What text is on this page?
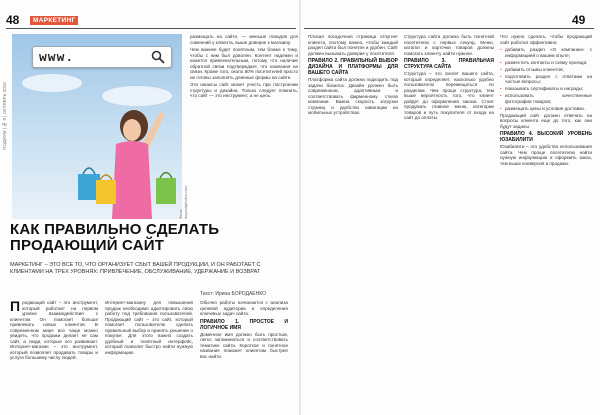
48	МАРКЕТИНГ	49
ПОДИУМ | № 9 | ОКТЯБРЬ 2016
www.
Фото: depositphotos.com

размещать на сайте, — меньше поводов для сомнений у клиента, выше доверие к магазину.

Чем важнее будет понятным, тем ближе к тому, чтобы с ним был доволен. Контент надежен и кажется привлекательным, потому что наличие обратной связи подтверждает, что компания на связи. Кроме того, около 80% посетителей просто не готовы заполнять длинные формы на сайте.

Эти нюансы сайт может учесть при построении структуры и дизайна. Только следует помнить, что сайт — это инструмент, а не цель.

КАК ПРАВИЛЬНО СДЕЛАТЬ ПРОДАЮЩИЙ САЙТ
МАРКЕТИНГ – ЭТО ВСЕ ТО, ЧТО ОРГАНИЗУЕТ СБЫТ ВАШЕЙ ПРОДУКЦИИ, И ОН РАБОТАЕТ С КЛИЕНТАМИ НА ТРЕХ УРОВНЯХ: ПРИВЛЕЧЕНИЕ, ОБСЛУЖИВАНИЕ, УДЕРЖАНИЕ И ВОЗВРАТ
Текст: Ирина БОРОДАЕНКО

П родающий сайт – это инструмент, который работает на первом уровне взаимодействия с клиентом. Он помогает больше привлекать новых клиентов. В современном мире все чаще можно увидеть, что продажи делает не сам сайт, а люди, которые его развивают. Интернет-магазин – это инструмент, который позволяет продавать товары и услуги большему числу людей.

Интернет-магазину для повышения продаж необходимо адаптировать свою работу под требования пользователей. Продающий сайт – это сайт, который помогает пользователю сделать правильный выбор и принять решение о покупке. Для этого важно создать удобный и понятный интерфейс, который позволит быстро найти нужную информацию.

Обычно работы начинаются с анализа целевой аудитории и определения ключевых задач сайта.

ПРАВИЛО 1. ПРОСТОЕ И ЛОГИЧНОЕ ИМЯ

Доменное имя должно быть простым, легко запоминаться и соответствовать тематике сайта. Короткое и понятное название поможет клиентам быстрее вас найти.

Плохая посадочная страница отпугнет клиента, поэтому важно, чтобы каждый раздел сайта был понятен и удобен. Сайт должен вызывать доверие у посетителя.

ПРАВИЛО 2. ПРАВИЛЬНЫЙ ВЫБОР ДИЗАЙНА И ПЛАТФОРМЫ ДЛЯ ВАШЕГО САЙТА

Платформа сайта должна подходить под задачи бизнеса. Дизайн должен быть современным, адаптивным и соответствовать фирменному стилю компании. Важна скорость загрузки страниц и удобство навигации на мобильных устройствах.

Структура сайта должна быть понятной посетителю с первых секунд. Меню, каталог и карточки товаров должны помогать клиенту найти нужное.

ПРАВИЛО 3. ПРАВИЛЬНАЯ СТРУКТУРА САЙТА

Структура – это скелет вашего сайта, который определяет, насколько удобно пользователю перемещаться по разделам. Чем проще структура, тем выше вероятность того, что клиент дойдет до оформления заказа. Стоит продумать главное меню, категории товаров и путь покупателя от входа на сайт до оплаты.

Что нужно сделать, чтобы продающий сайт работал эффективно:

• добавить раздел «О компании» с информацией о вашем опыте;
• разместить контакты и схему проезда;
• добавить отзывы клиентов;
• подготовить раздел с ответами на частые вопросы;
• показывать сертификаты и награды;
• использовать качественные фотографии товаров;
• размещать цены и условия доставки.

Продающий сайт должен отвечать на вопросы клиента еще до того, как они будут заданы.

ПРАВИЛО 4. ВЫСОКИЙ УРОВЕНЬ ЮЗАБИЛИТИ

Юзабилити – это удобство использования сайта. Чем проще посетителю найти нужную информацию и оформить заказ, тем выше конверсия и продажи.
